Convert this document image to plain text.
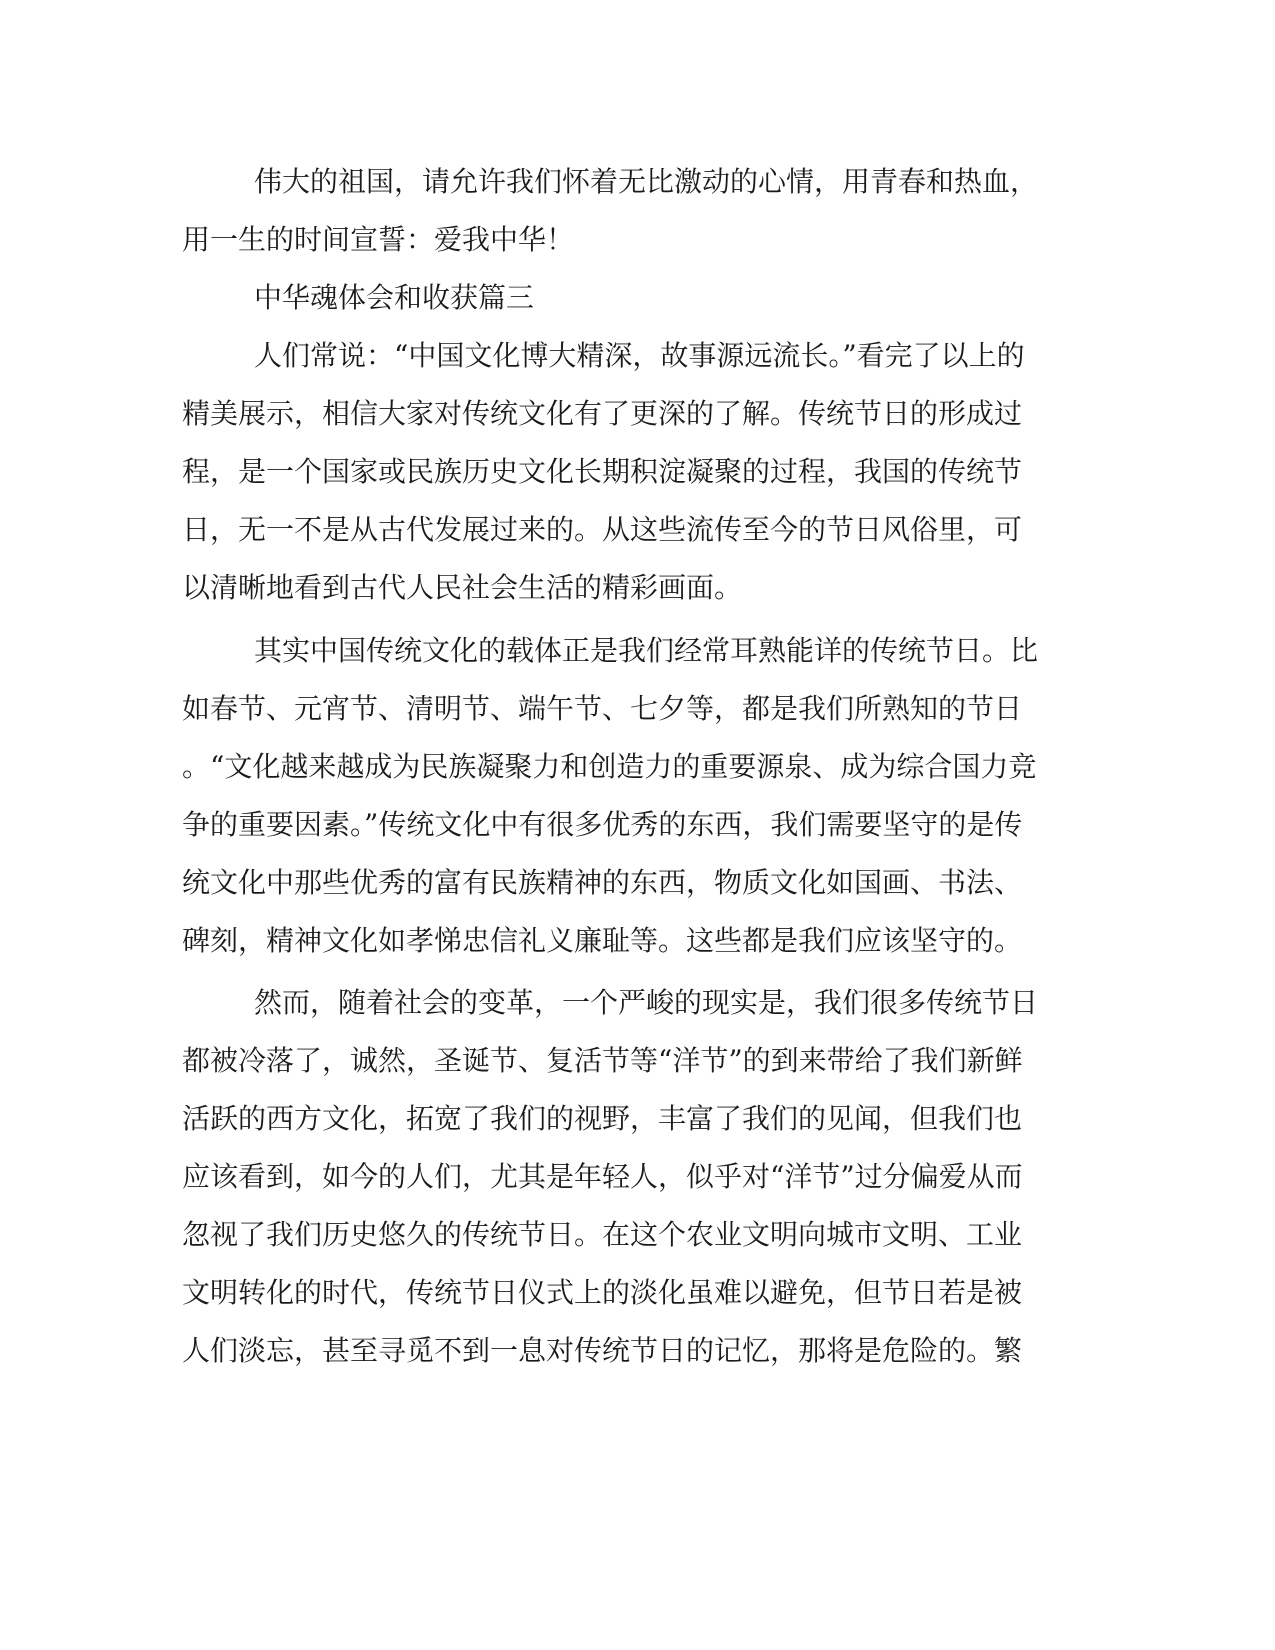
伟大的祖国，请允许我们怀着无比激动的心情，用青春和热血，
用一生的时间宣誓：爱我中华！
中华魂体会和收获篇三
人们常说：“中国文化博大精深，故事源远流长。”看完了以上的
精美展示，相信大家对传统文化有了更深的了解。传统节日的形成过
程，是一个国家或民族历史文化长期积淀凝聚的过程，我国的传统节
日，无一不是从古代发展过来的。从这些流传至今的节日风俗里，可
以清晰地看到古代人民社会生活的精彩画面。
其实中国传统文化的载体正是我们经常耳熟能详的传统节日。比
如春节、元宵节、清明节、端午节、七夕等，都是我们所熟知的节日
。“文化越来越成为民族凝聚力和创造力的重要源泉、成为综合国力竞
争的重要因素。”传统文化中有很多优秀的东西，我们需要坚守的是传
统文化中那些优秀的富有民族精神的东西，物质文化如国画、书法、
碑刻，精神文化如孝悌忠信礼义廉耻等。这些都是我们应该坚守的。
然而，随着社会的变革，一个严峻的现实是，我们很多传统节日
都被冷落了，诚然，圣诞节、复活节等“洋节”的到来带给了我们新鲜
活跃的西方文化，拓宽了我们的视野，丰富了我们的见闻，但我们也
应该看到，如今的人们，尤其是年轻人，似乎对“洋节”过分偏爱从而
忽视了我们历史悠久的传统节日。在这个农业文明向城市文明、工业
文明转化的时代，传统节日仪式上的淡化虽难以避免，但节日若是被
人们淡忘，甚至寻觅不到一息对传统节日的记忆，那将是危险的。繁
